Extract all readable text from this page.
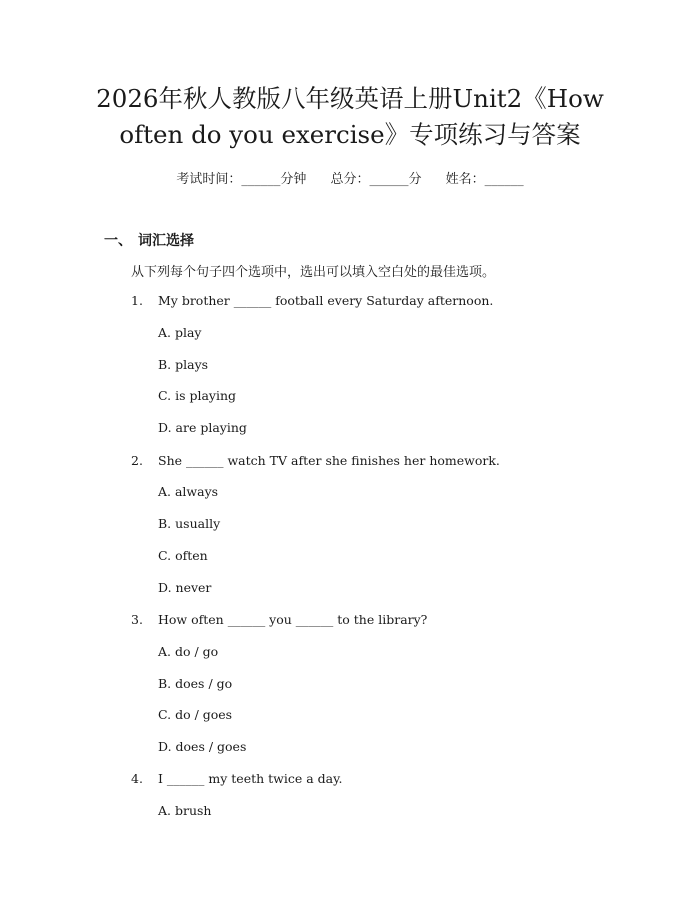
2026年秋人教版八年级英语上册Unit2《How
often do you exercise》专项练习与答案
考试时间：______分钟 总分：______分 姓名：______
一、 词汇选择
从下列每个句子四个选项中，选出可以填入空白处的最佳选项。
1. My brother ______ football every Saturday afternoon.
A. play
B. plays
C. is playing
D. are playing
2. She ______ watch TV after she finishes her homework.
A. always
B. usually
C. often
D. never
3. How often ______ you ______ to the library?
A. do / go
B. does / go
C. do / goes
D. does / goes
4. I ______ my teeth twice a day.
A. brush
